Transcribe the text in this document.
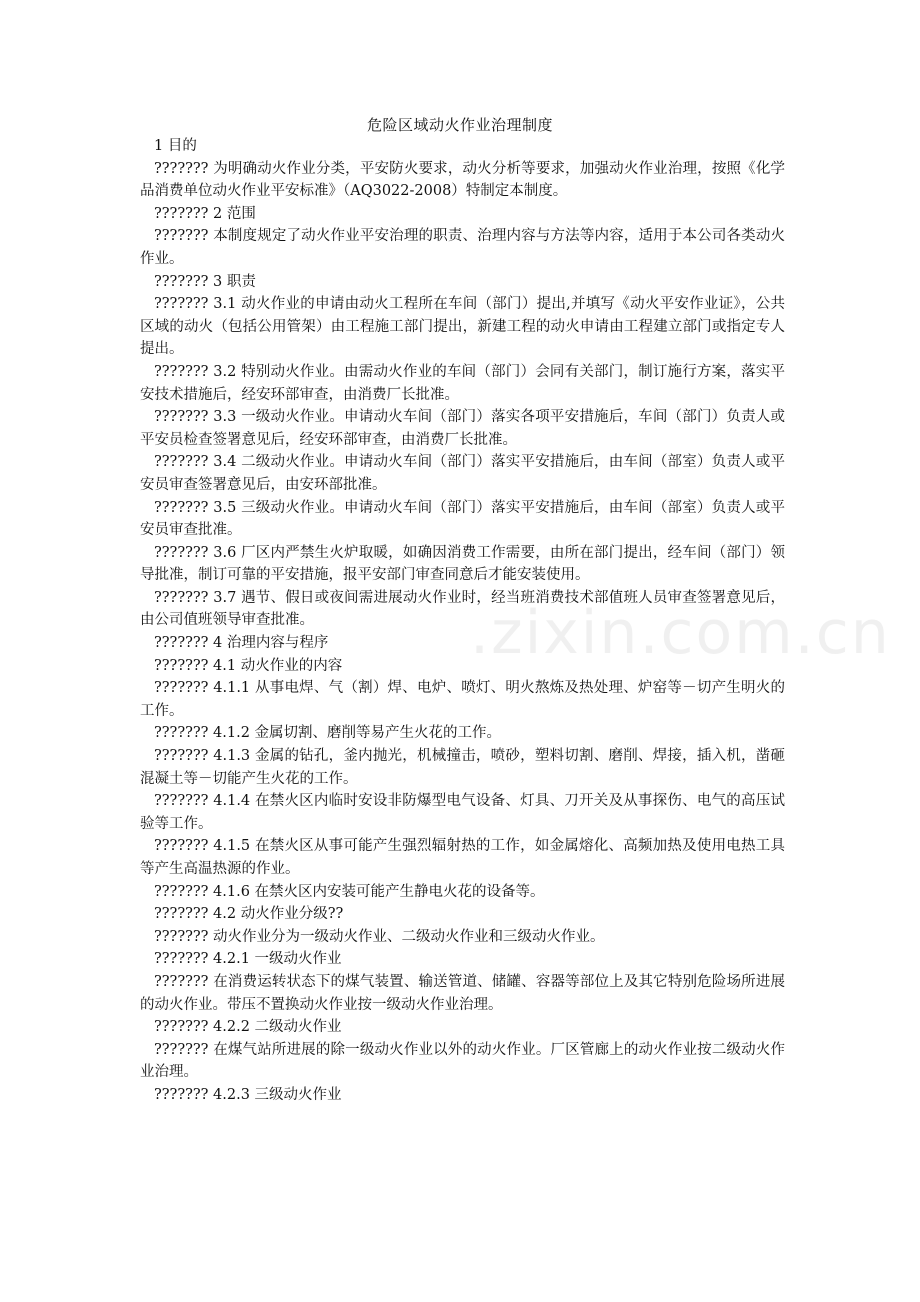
危险区域动火作业治理制度

1 目的

??????? 为明确动火作业分类，平安防火要求，动火分析等要求，加强动火作业治理，按照《化学品消费单位动火作业平安标准》（AQ3022-2008）特制定本制度。

??????? 2 范围

??????? 本制度规定了动火作业平安治理的职责、治理内容与方法等内容，适用于本公司各类动火作业。

??????? 3 职责

??????? 3.1 动火作业的申请由动火工程所在车间（部门）提出,并填写《动火平安作业证》，公共区域的动火（包括公用管架）由工程施工部门提出，新建工程的动火申请由工程建立部门或指定专人提出。

??????? 3.2 特别动火作业。由需动火作业的车间（部门）会同有关部门，制订施行方案，落实平安技术措施后，经安环部审查，由消费厂长批准。

??????? 3.3 一级动火作业。申请动火车间（部门）落实各项平安措施后，车间（部门）负责人或平安员检查签署意见后，经安环部审查，由消费厂长批准。

??????? 3.4 二级动火作业。申请动火车间（部门）落实平安措施后，由车间（部室）负责人或平安员审查签署意见后，由安环部批准。

??????? 3.5 三级动火作业。申请动火车间（部门）落实平安措施后，由车间（部室）负责人或平安员审查批准。

??????? 3.6 厂区内严禁生火炉取暖，如确因消费工作需要，由所在部门提出，经车间（部门）领导批准，制订可靠的平安措施，报平安部门审查同意后才能安装使用。

??????? 3.7 遇节、假日或夜间需进展动火作业时，经当班消费技术部值班人员审查签署意见后，由公司值班领导审查批准。

??????? 4 治理内容与程序

??????? 4.1 动火作业的内容

??????? 4.1.1 从事电焊、气（割）焊、电炉、喷灯、明火熬炼及热处理、炉窑等－切产生明火的工作。

??????? 4.1.2 金属切割、磨削等易产生火花的工作。

??????? 4.1.3 金属的钻孔，釜内抛光，机械撞击，喷砂，塑料切割、磨削、焊接，插入机，凿砸混凝土等－切能产生火花的工作。

??????? 4.1.4 在禁火区内临时安设非防爆型电气设备、灯具、刀开关及从事探伤、电气的高压试验等工作。

??????? 4.1.5 在禁火区从事可能产生强烈辐射热的工作，如金属熔化、高频加热及使用电热工具等产生高温热源的作业。

??????? 4.1.6 在禁火区内安装可能产生静电火花的设备等。

??????? 4.2 动火作业分级??

??????? 动火作业分为一级动火作业、二级动火作业和三级动火作业。

??????? 4.2.1 一级动火作业

??????? 在消费运转状态下的煤气装置、输送管道、储罐、容器等部位上及其它特别危险场所进展的动火作业。带压不置换动火作业按一级动火作业治理。

??????? 4.2.2 二级动火作业

??????? 在煤气站所进展的除一级动火作业以外的动火作业。厂区管廊上的动火作业按二级动火作业治理。

??????? 4.2.3 三级动火作业

.zixin.com.cn
